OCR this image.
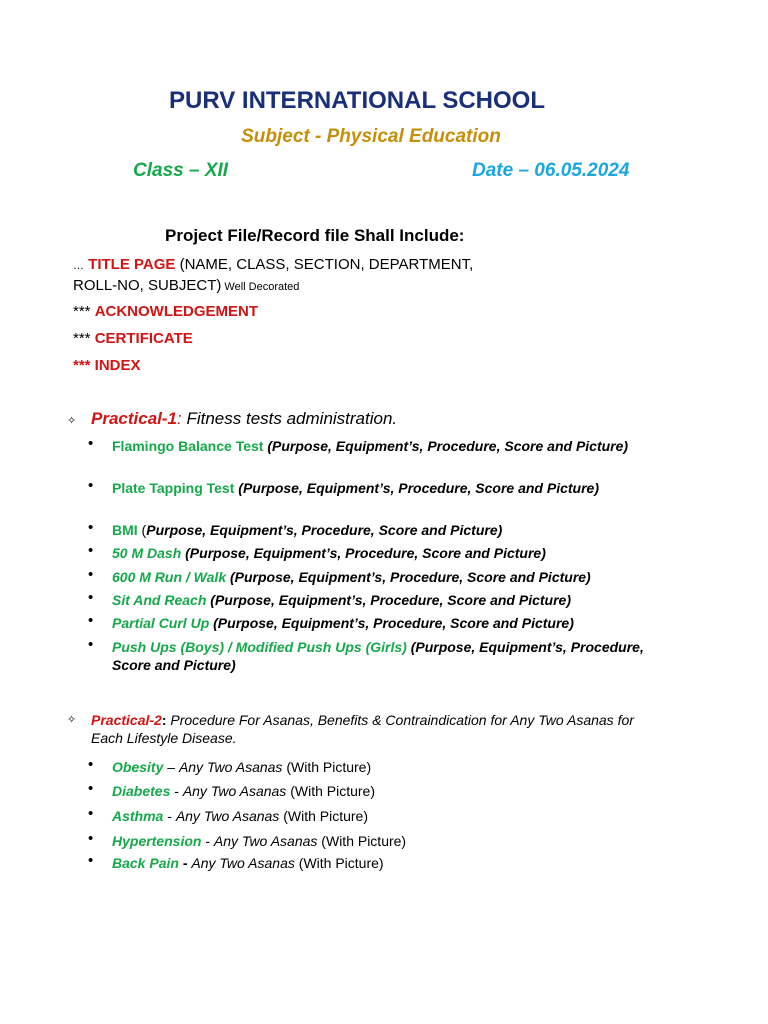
PURV INTERNATIONAL SCHOOL
Subject - Physical Education
Class – XII	Date – 06.05.2024
Project File/Record file Shall Include:
… TITLE PAGE (NAME, CLASS, SECTION, DEPARTMENT,
ROLL-NO, SUBJECT) Well Decorated
*** ACKNOWLEDGEMENT
*** CERTIFICATE
*** INDEX
✧ Practical-1: Fitness tests administration.
• Flamingo Balance Test (Purpose, Equipment’s, Procedure, Score and Picture)
• Plate Tapping Test (Purpose, Equipment’s, Procedure, Score and Picture)
• BMI (Purpose, Equipment’s, Procedure, Score and Picture)
• 50 M Dash (Purpose, Equipment’s, Procedure, Score and Picture)
• 600 M Run / Walk (Purpose, Equipment’s, Procedure, Score and Picture)
• Sit And Reach (Purpose, Equipment’s, Procedure, Score and Picture)
• Partial Curl Up (Purpose, Equipment’s, Procedure, Score and Picture)
• Push Ups (Boys) / Modified Push Ups (Girls) (Purpose, Equipment’s, Procedure, Score and Picture)
✧ Practical-2: Procedure For Asanas, Benefits & Contraindication for Any Two Asanas for Each Lifestyle Disease.
• Obesity – Any Two Asanas (With Picture)
• Diabetes - Any Two Asanas (With Picture)
• Asthma - Any Two Asanas (With Picture)
• Hypertension - Any Two Asanas (With Picture)
• Back Pain - Any Two Asanas (With Picture)
